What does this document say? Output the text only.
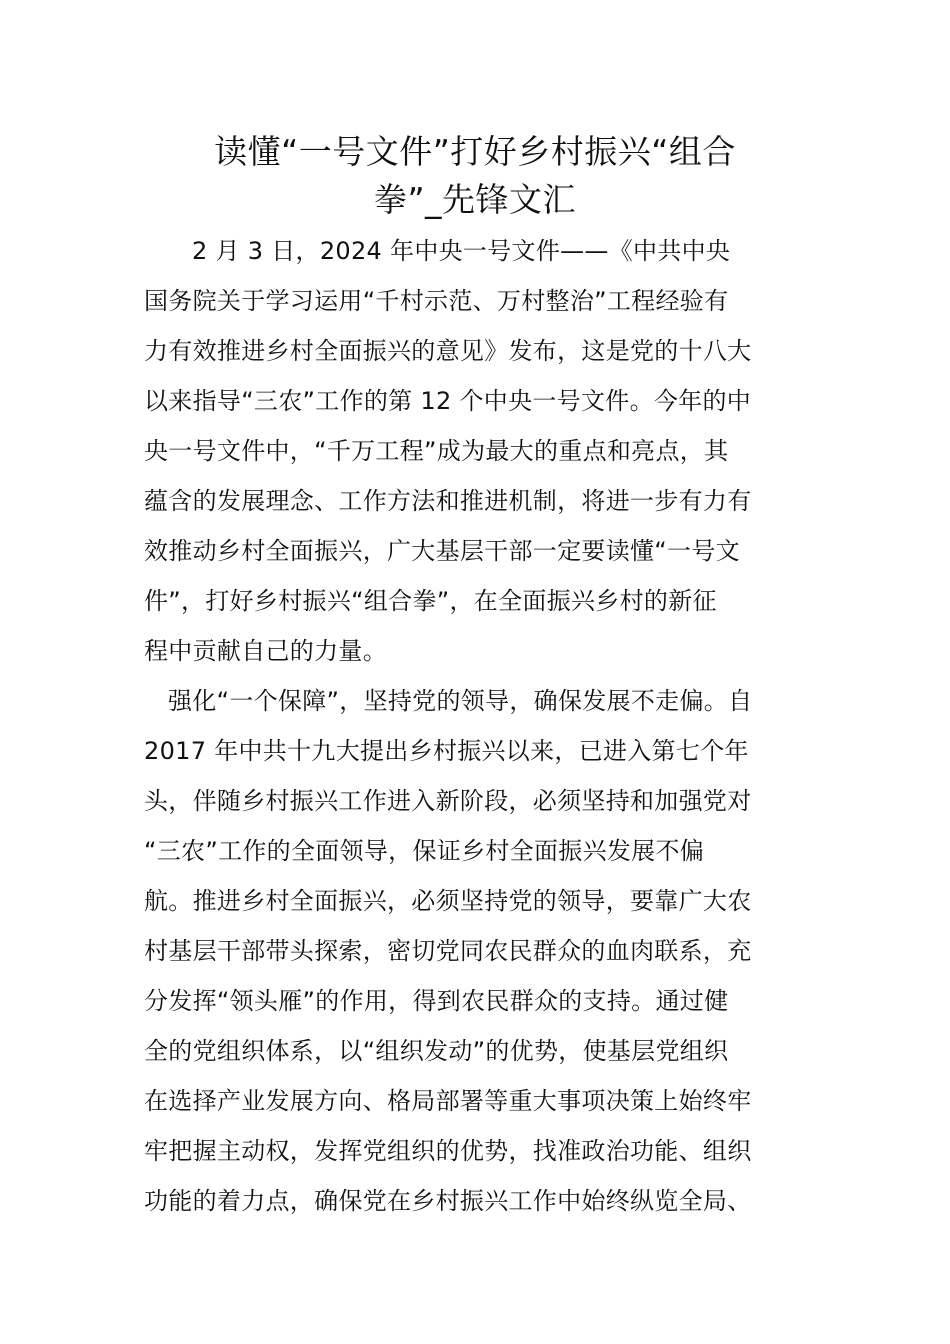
读懂“一号文件”打好乡村振兴“组合
拳”_先锋文汇

2 月 3 日，2024 年中央一号文件——《中共中央
国务院关于学习运用“千村示范、万村整治”工程经验有
力有效推进乡村全面振兴的意见》发布，这是党的十八大
以来指导“三农”工作的第 12 个中央一号文件。今年的中
央一号文件中，“千万工程”成为最大的重点和亮点，其
蕴含的发展理念、工作方法和推进机制，将进一步有力有
效推动乡村全面振兴，广大基层干部一定要读懂“一号文
件”，打好乡村振兴“组合拳”，在全面振兴乡村的新征
程中贡献自己的力量。

强化“一个保障”，坚持党的领导，确保发展不走偏。自
2017 年中共十九大提出乡村振兴以来，已进入第七个年
头，伴随乡村振兴工作进入新阶段，必须坚持和加强党对
“三农”工作的全面领导，保证乡村全面振兴发展不偏
航。推进乡村全面振兴，必须坚持党的领导，要靠广大农
村基层干部带头探索，密切党同农民群众的血肉联系，充
分发挥“领头雁”的作用，得到农民群众的支持。通过健
全的党组织体系，以“组织发动”的优势，使基层党组织
在选择产业发展方向、格局部署等重大事项决策上始终牢
牢把握主动权，发挥党组织的优势，找准政治功能、组织
功能的着力点，确保党在乡村振兴工作中始终纵览全局、
